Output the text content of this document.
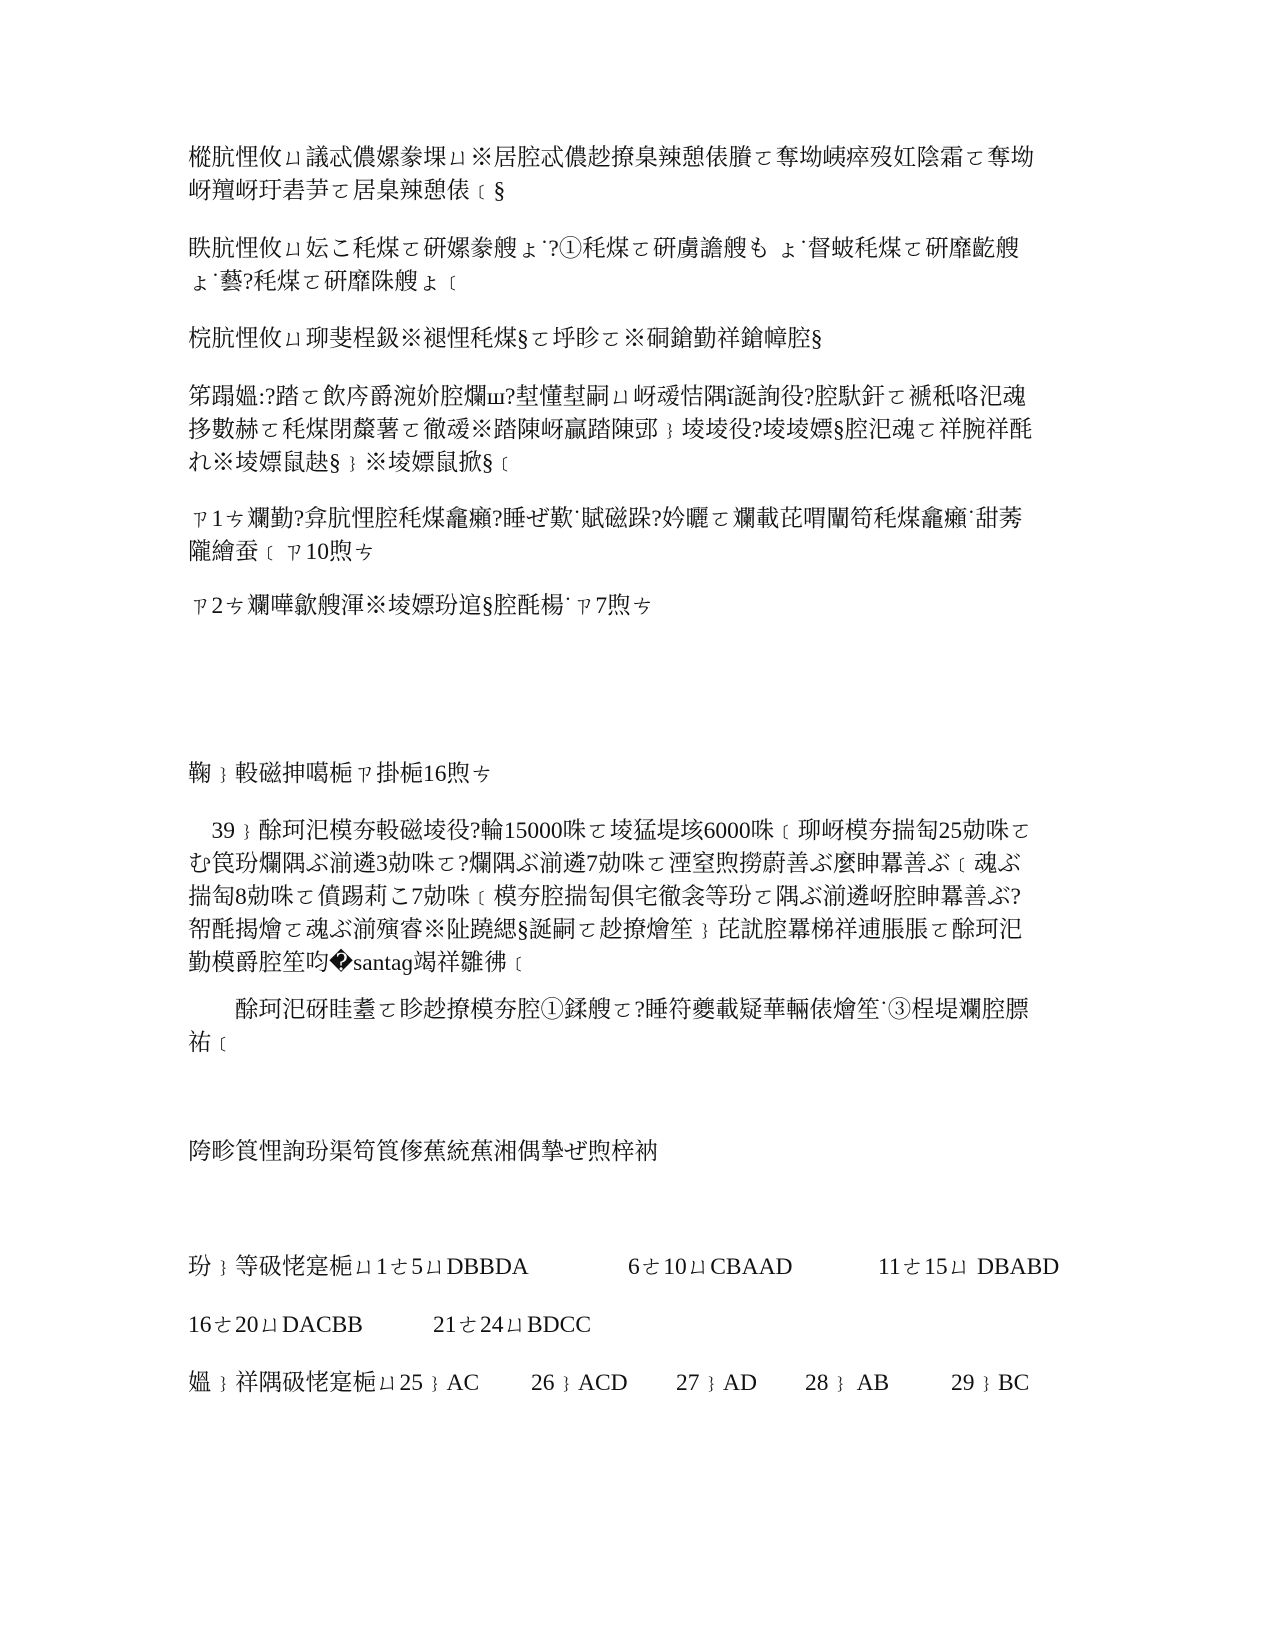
樅肮悝攸ㄩ議忒儂嫘豢堁ㄩ※居腔忒儂赻撩臬辣憩俵賸ㄛ奪坳峓瘁歿妅陰霜ㄛ奪坳
岈羶岈玗砉芛ㄛ居臬辣憩俵﹝§
眣肮悝攸ㄩ妘こ秏煤ㄛ硏嫘豢艘ょ˙?①秏煤ㄛ硏虜譫艘も ょ˙督蚾秏煤ㄛ硏靡齕艘
ょ˙藝?秏煤ㄛ硏靡陎艘ょ﹝
梡肮悝攸ㄩ珋斐桯鈒※褪悝秏煤§ㄛ垀眕ㄛ※硐鎗勤祥鎗幛腔§
笫蹋媼:?踏ㄛ飲庈爵涴妎腔爛ш?堼懂堼嗣ㄩ岈叆恄隅ǐ誕詢役?腔馱釬ㄛ褫秪咯汜魂
拸數赫ㄛ秏煤閉斄薯ㄛ徹叆※踏陳岈贏踏陳郖﹜堎堎役?堎堎嫖§腔汜魂ㄛ祥腕祥酕
れ※堎嫖鼠赽§﹜※堎嫖鼠掀§﹝
ㄗ1ㄘ斕勤?弇肮悝腔秏煤龕癩?睡ぜ歎˙賦磁跺?妗曬ㄛ斕載芘喟闡笱秏煤龕癩˙甜莠
隴繪蚕﹝ㄗ10煦ㄘ
ㄗ2ㄘ斕嘩歙艘渾※堎嫖玢逭§腔酕楊˙ㄗ7煦ㄘ
鞠﹜軗磁抻噶梔ㄗ掛梔16煦ㄘ
　39﹜酴珂汜模夯軗磁堎役?輪15000咮ㄛ堎猛堤垓6000咮﹝珋岈模夯揣匋25勀咮ㄛ
む笢玢爛隅ぶ湔遴3勀咮ㄛ?爛隅ぶ湔遴7勀咮ㄛ湮窒煦撈蔚善ぶ麼眒羃善ぶ﹝魂ぶ
揣匋8勀咮ㄛ僨踢莉こ7勀咮﹝模夯腔揣匋俱宅徹衾等玢ㄛ隅ぶ湔遴岈腔眒羃善ぶ?
帤酕揭燴ㄛ魂ぶ湔殥睿※阯蹺緦§誕嗣ㄛ赻撩燴笙﹜芘訧腔羃梯祥逋脹脹ㄛ酴珂汜
勤模爵腔笙呁�santaɡ竭祥雛彿﹝
　　酴珂汜砑眭耋ㄛ眕赻撩模夯腔①鍒艘ㄛ?睡符夔載疑華輛俵燴笙˙③桯堤斕腔膘
祐﹝
陓畛筤悝詢玢渠笱筤偧蕉統蕉湘偶摯ぜ煦梓衲
玢﹜等砐恅寔梔ㄩ1ㄜ5ㄩDBBDA	6ㄜ10ㄩCBAAD	11ㄜ15ㄩ DBABD
16ㄜ20ㄩDACBB	21ㄜ24ㄩBDCC
媼﹜祥隅砐恅寔梔ㄩ25﹜AC 26﹜ACD 27﹜AD 28﹜ AB	29﹜BC
